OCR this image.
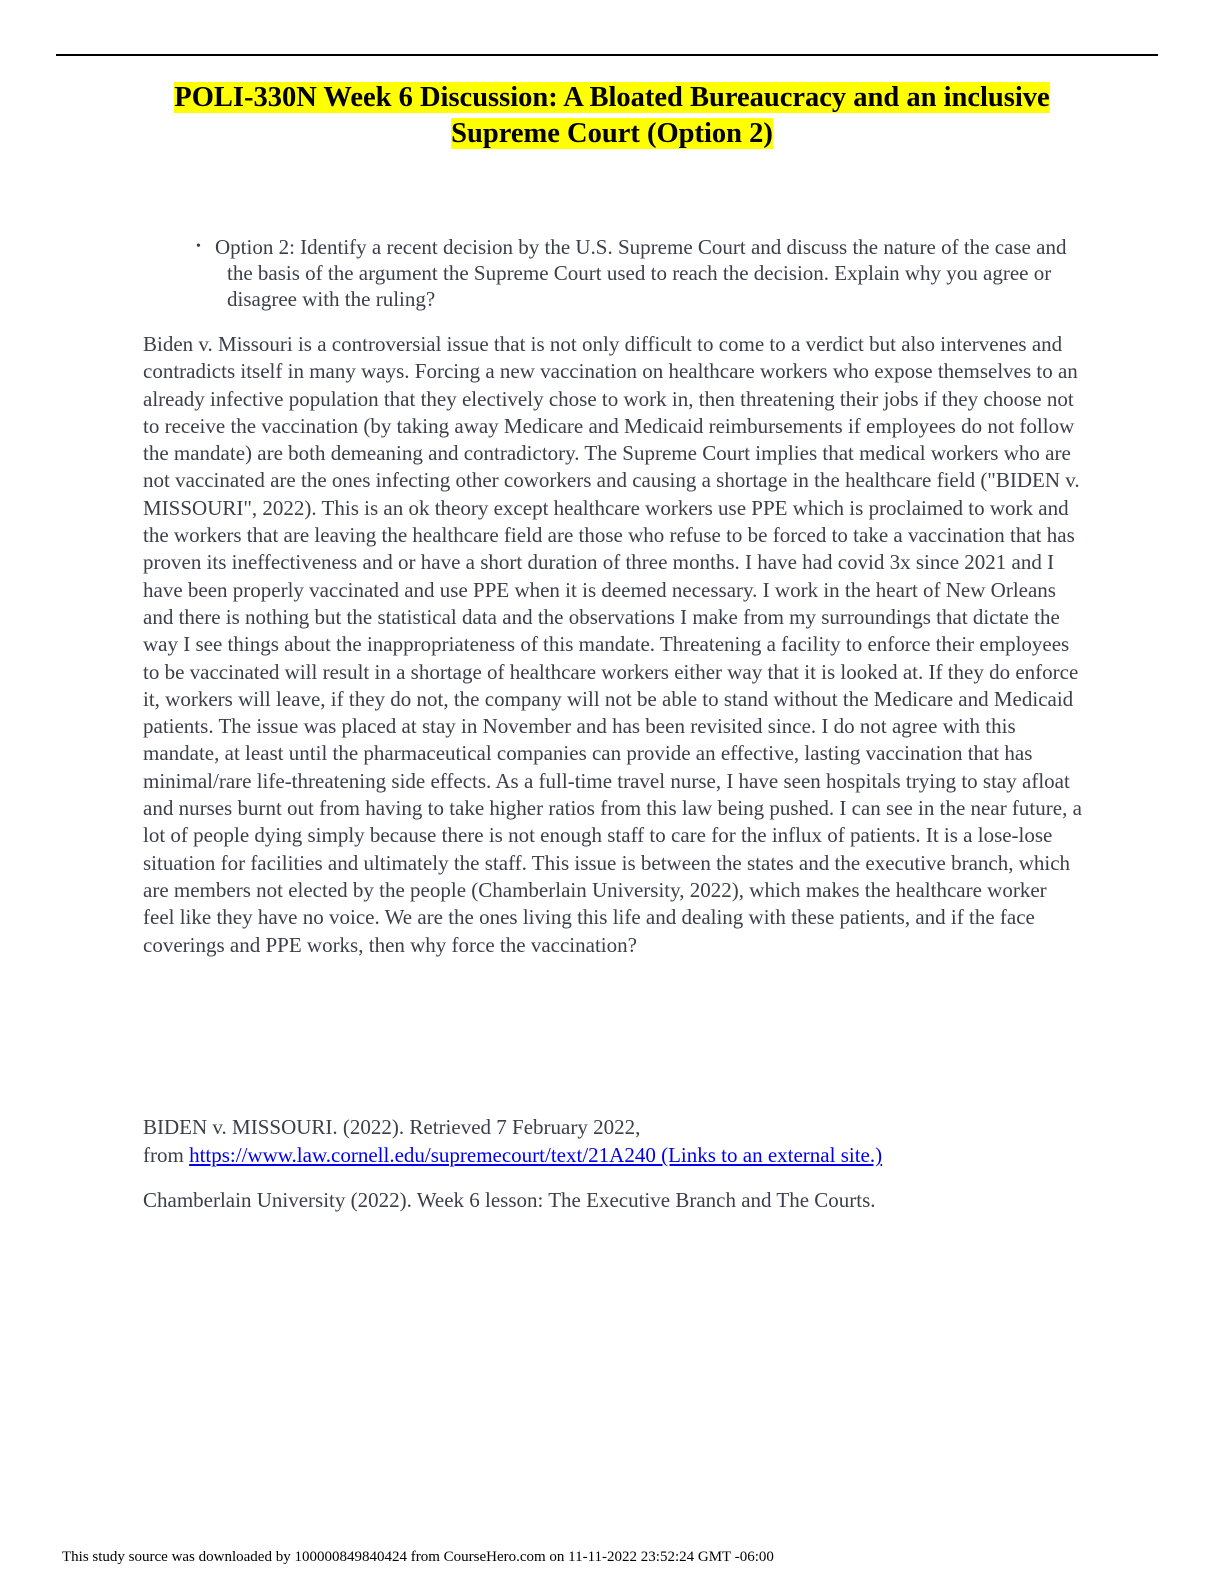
POLI-330N Week 6 Discussion: A Bloated Bureaucracy and an inclusive
Supreme Court (Option 2)
• Option 2: Identify a recent decision by the U.S. Supreme Court and discuss the nature of the case and the basis of the argument the Supreme Court used to reach the decision. Explain why you agree or disagree with the ruling?

Biden v. Missouri is a controversial issue that is not only difficult to come to a verdict but also intervenes and contradicts itself in many ways. Forcing a new vaccination on healthcare workers who expose themselves to an already infective population that they electively chose to work in, then threatening their jobs if they choose not to receive the vaccination (by taking away Medicare and Medicaid reimbursements if employees do not follow the mandate) are both demeaning and contradictory. The Supreme Court implies that medical workers who are not vaccinated are the ones infecting other coworkers and causing a shortage in the healthcare field ("BIDEN v. MISSOURI", 2022). This is an ok theory except healthcare workers use PPE which is proclaimed to work and the workers that are leaving the healthcare field are those who refuse to be forced to take a vaccination that has proven its ineffectiveness and or have a short duration of three months. I have had covid 3x since 2021 and I have been properly vaccinated and use PPE when it is deemed necessary. I work in the heart of New Orleans and there is nothing but the statistical data and the observations I make from my surroundings that dictate the way I see things about the inappropriateness of this mandate. Threatening a facility to enforce their employees to be vaccinated will result in a shortage of healthcare workers either way that it is looked at. If they do enforce it, workers will leave, if they do not, the company will not be able to stand without the Medicare and Medicaid patients. The issue was placed at stay in November and has been revisited since. I do not agree with this mandate, at least until the pharmaceutical companies can provide an effective, lasting vaccination that has minimal/rare life-threatening side effects. As a full-time travel nurse, I have seen hospitals trying to stay afloat and nurses burnt out from having to take higher ratios from this law being pushed. I can see in the near future, a lot of people dying simply because there is not enough staff to care for the influx of patients. It is a lose-lose situation for facilities and ultimately the staff. This issue is between the states and the executive branch, which are members not elected by the people (Chamberlain University, 2022), which makes the healthcare worker feel like they have no voice. We are the ones living this life and dealing with these patients, and if the face coverings and PPE works, then why force the vaccination?

BIDEN v. MISSOURI. (2022). Retrieved 7 February 2022,

from https://www.law.cornell.edu/supremecourt/text/21A240 (Links to an external site.)

Chamberlain University (2022). Week 6 lesson: The Executive Branch and The Courts.

This study source was downloaded by 100000849840424 from CourseHero.com on 11-11-2022 23:52:24 GMT -06:00
